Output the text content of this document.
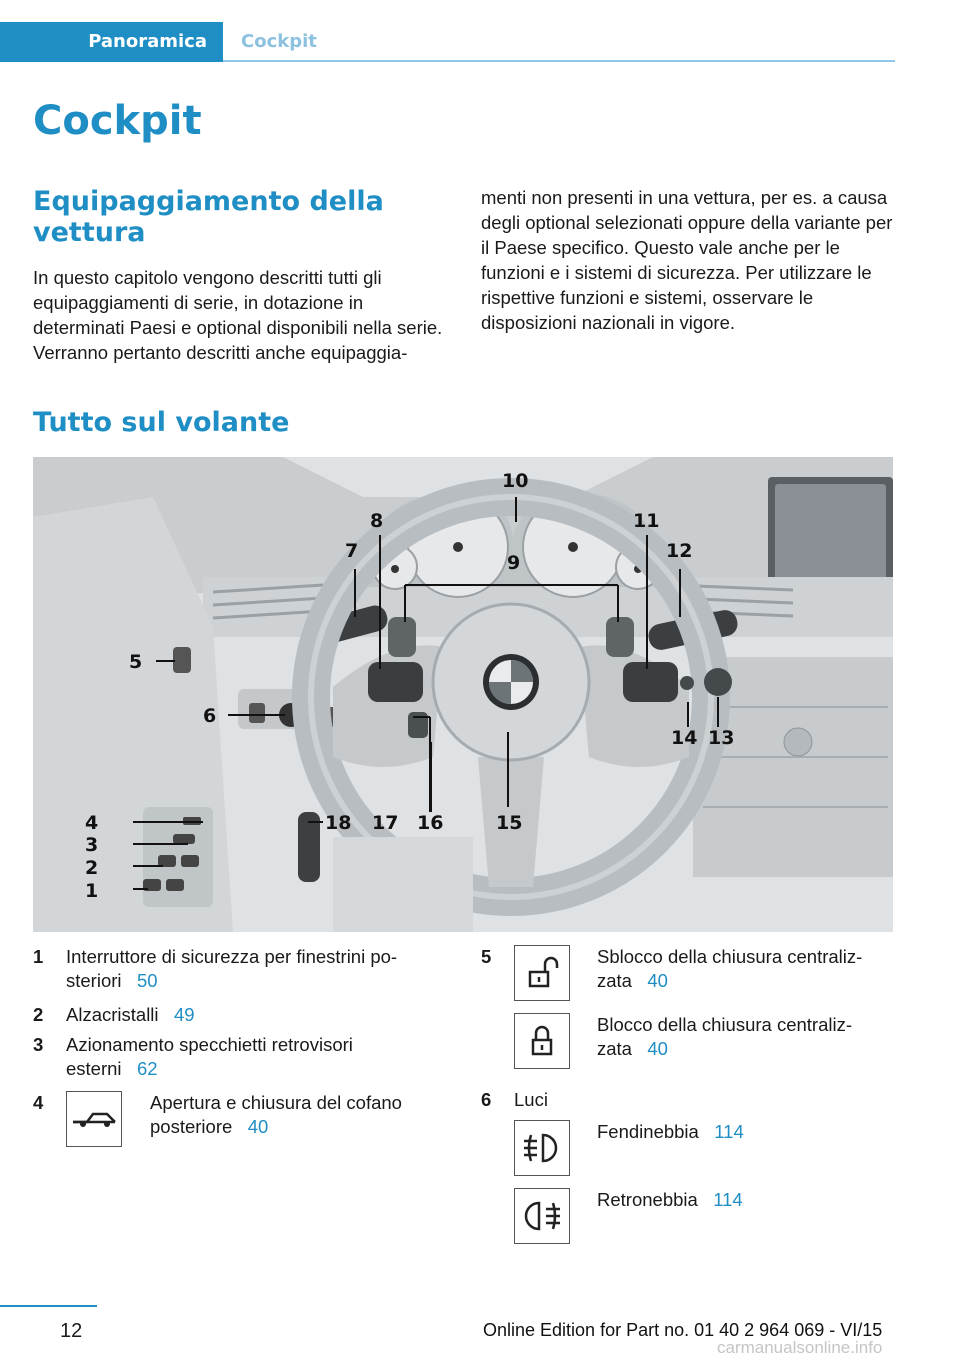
Panoramica	Cockpit
Cockpit
Equipaggiamento della vettura
In questo capitolo vengono descritti tutti gli equipaggiamenti di serie, in dotazione in determinati Paesi e optional disponibili nella serie. Verranno pertanto descritti anche equipaggia-
menti non presenti in una vettura, per es. a causa degli optional selezionati oppure della variante per il Paese specifico. Questo vale anche per le funzioni e i sistemi di sicurezza. Per utilizzare le rispettive funzioni e sistemi, osservare le disposizioni nazionali in vigore.
Tutto sul volante
4
3
2
1
5
6
7
8
9
10
11
12
13
14
15
16
17
18
1 Interruttore di sicurezza per finestrini po-
steriori 50
2 Alzacristalli 49
3 Azionamento specchietti retrovisori
esterni 62
4	Apertura e chiusura del cofano
posteriore 40
5	Sblocco della chiusura centraliz-
zata 40
Blocco della chiusura centraliz-
zata 40
6 Luci
Fendinebbia 114
Retronebbia 114
12	Online Edition for Part no. 01 40 2 964 069 - VI/15
carmanualsonline.info
